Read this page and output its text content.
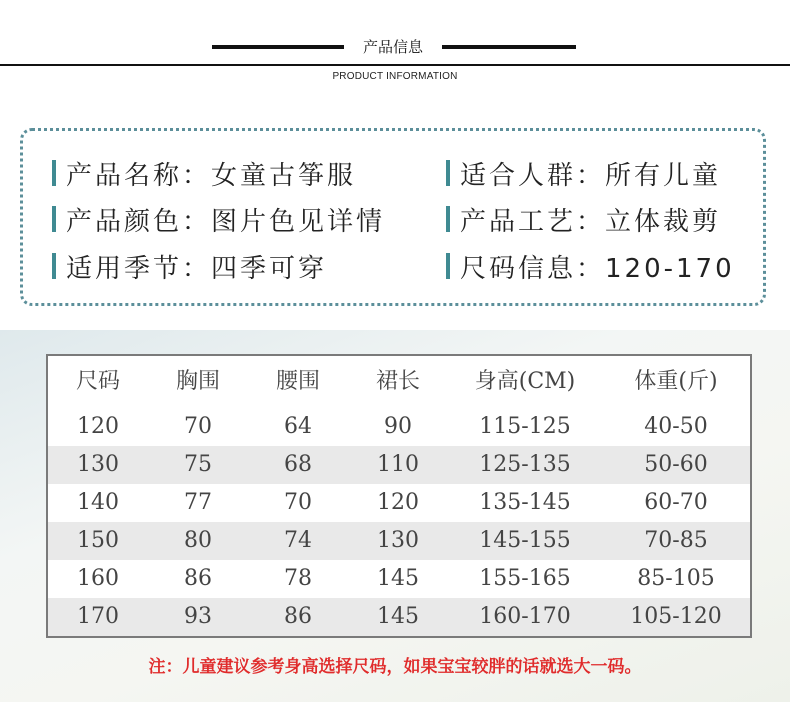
产品信息
PRODUCT INFORMATION
产品名称：女童古筝服	适合人群：所有儿童
产品颜色：图片色见详情	产品工艺：立体裁剪
适用季节：四季可穿	尺码信息：120-170
尺码	胸围	腰围	裙长	身高(CM)	体重(斤)
120	70	64	90	115-125	40-50
130	75	68	110	125-135	50-60
140	77	70	120	135-145	60-70
150	80	74	130	145-155	70-85
160	86	78	145	155-165	85-105
170	93	86	145	160-170	105-120
注：儿童建议参考身高选择尺码，如果宝宝较胖的话就选大一码。
